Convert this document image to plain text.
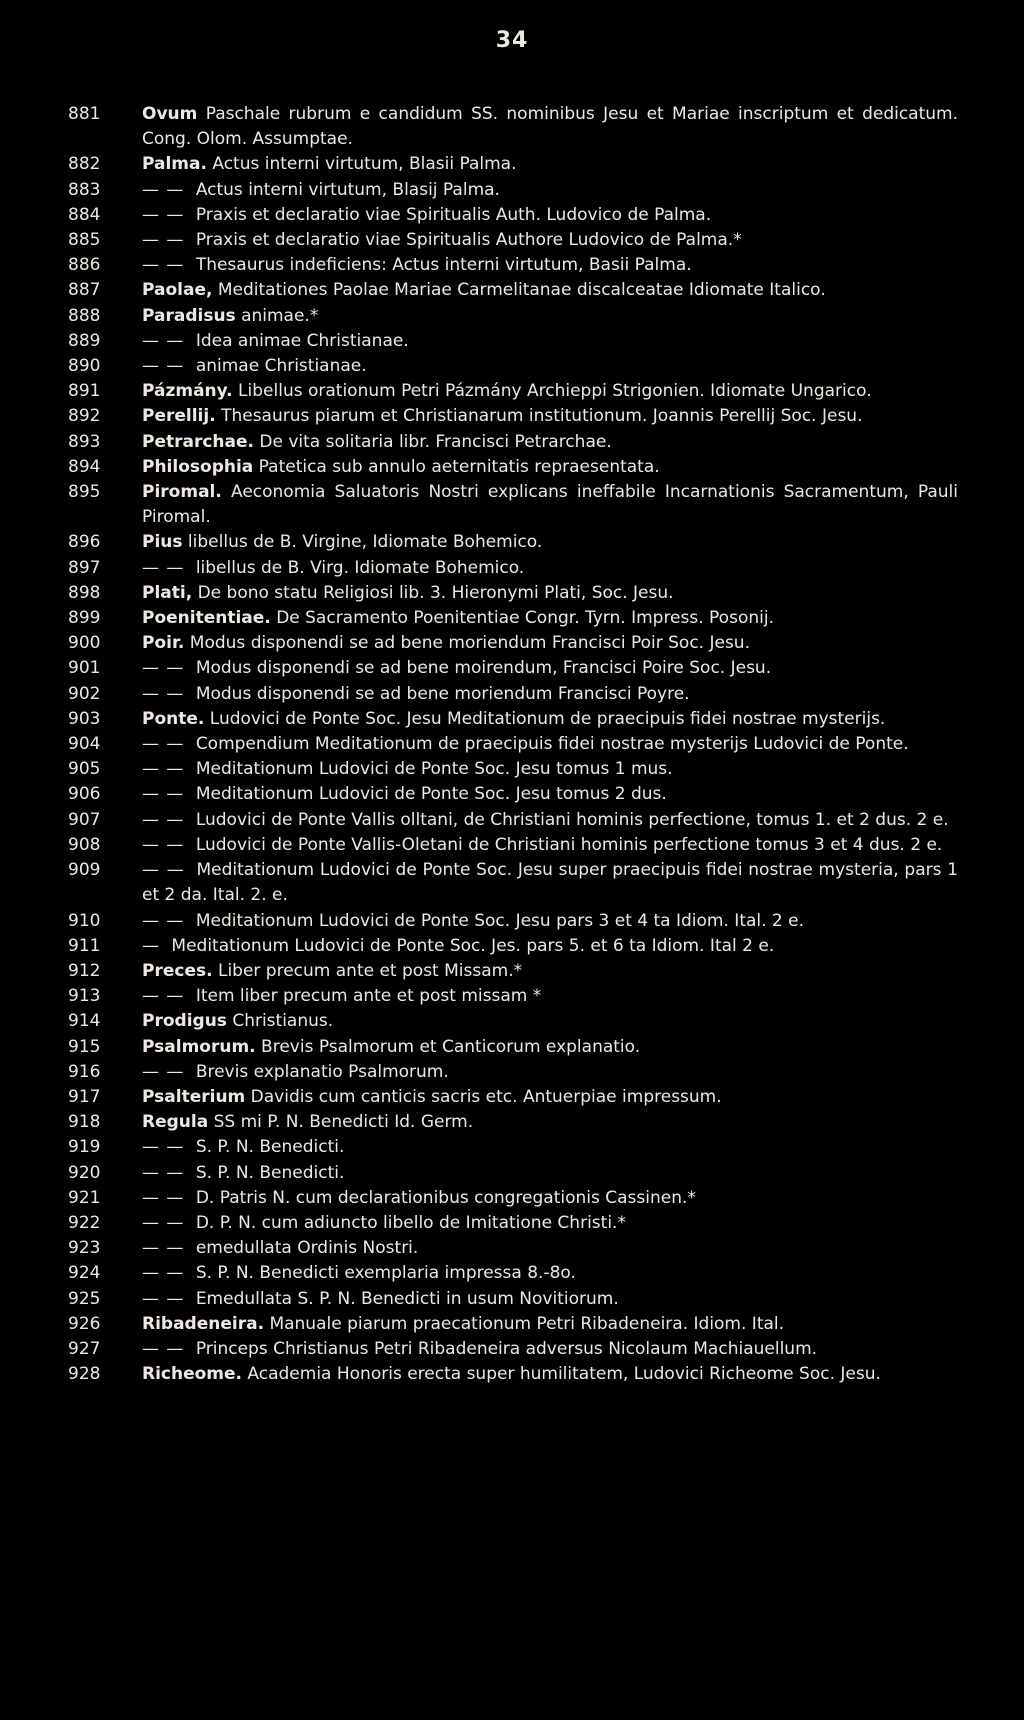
34
881	Ovum Paschale rubrum e candidum SS. nominibus Jesu et Mariae inscriptum et dedicatum. Cong. Olom. Assumptae.
882	Palma. Actus interni virtutum, Blasii Palma.
883	— — Actus interni virtutum, Blasij Palma.
884	— — Praxis et declaratio viae Spiritualis Auth. Ludovico de Palma.
885	— — Praxis et declaratio viae Spiritualis Authore Ludovico de Palma.*
886	— — Thesaurus indeficiens: Actus interni virtutum, Basii Palma.
887	Paolae, Meditationes Paolae Mariae Carmelitanae discalceatae Idiomate Italico.
888	Paradisus animae.*
889	— — Idea animae Christianae.
890	— — animae Christianae.
891	Pázmány. Libellus orationum Petri Pázmány Archieppi Strigonien. Idiomate Ungarico.
892	Perellij. Thesaurus piarum et Christianarum institutionum. Joannis Perellij Soc. Jesu.
893	Petrarchae. De vita solitaria libr. Francisci Petrarchae.
894	Philosophia Patetica sub annulo aeternitatis repraesentata.
895	Piromal. Aeconomia Saluatoris Nostri explicans ineffabile Incarnationis Sacramentum, Pauli Piromal.
896	Pius libellus de B. Virgine, Idiomate Bohemico.
897	— — libellus de B. Virg. Idiomate Bohemico.
898	Plati, De bono statu Religiosi lib. 3. Hieronymi Plati, Soc. Jesu.
899	Poenitentiae. De Sacramento Poenitentiae Congr. Tyrn. Impress. Posonij.
900	Poir. Modus disponendi se ad bene moriendum Francisci Poir Soc. Jesu.
901	— — Modus disponendi se ad bene moirendum, Francisci Poire Soc. Jesu.
902	— — Modus disponendi se ad bene moriendum Francisci Poyre.
903	Ponte. Ludovici de Ponte Soc. Jesu Meditationum de praecipuis fidei nostrae mysterijs.
904	— — Compendium Meditationum de praecipuis fidei nostrae mysterijs Ludovici de Ponte.
905	— — Meditationum Ludovici de Ponte Soc. Jesu tomus 1 mus.
906	— — Meditationum Ludovici de Ponte Soc. Jesu tomus 2 dus.
907	— — Ludovici de Ponte Vallis olltani, de Christiani hominis perfectione, tomus 1. et 2 dus. 2 e.
908	— — Ludovici de Ponte Vallis-Oletani de Christiani hominis perfectione tomus 3 et 4 dus. 2 e.
909	— — Meditationum Ludovici de Ponte Soc. Jesu super praecipuis fidei nostrae mysteria, pars 1 et 2 da. Ital. 2. e.
910	— — Meditationum Ludovici de Ponte Soc. Jesu pars 3 et 4 ta Idiom. Ital. 2 e.
911	— Meditationum Ludovici de Ponte Soc. Jes. pars 5. et 6 ta Idiom. Ital 2 e.
912	Preces. Liber precum ante et post Missam.*
913	— — Item liber precum ante et post missam *
914	Prodigus Christianus.
915	Psalmorum. Brevis Psalmorum et Canticorum explanatio.
916	— — Brevis explanatio Psalmorum.
917	Psalterium Davidis cum canticis sacris etc. Antuerpiae impressum.
918	Regula SS mi P. N. Benedicti Id. Germ.
919	— — S. P. N. Benedicti.
920	— — S. P. N. Benedicti.
921	— — D. Patris N. cum declarationibus congregationis Cassinen.*
922	— — D. P. N. cum adiuncto libello de Imitatione Christi.*
923	— — emedullata Ordinis Nostri.
924	— — S. P. N. Benedicti exemplaria impressa 8.-8o.
925	— — Emedullata S. P. N. Benedicti in usum Novitiorum.
926	Ribadeneira. Manuale piarum praecationum Petri Ribadeneira. Idiom. Ital.
927	— — Princeps Christianus Petri Ribadeneira adversus Nicolaum Machiauellum.
928	Richeome. Academia Honoris erecta super humilitatem, Ludovici Richeome Soc. Jesu.
